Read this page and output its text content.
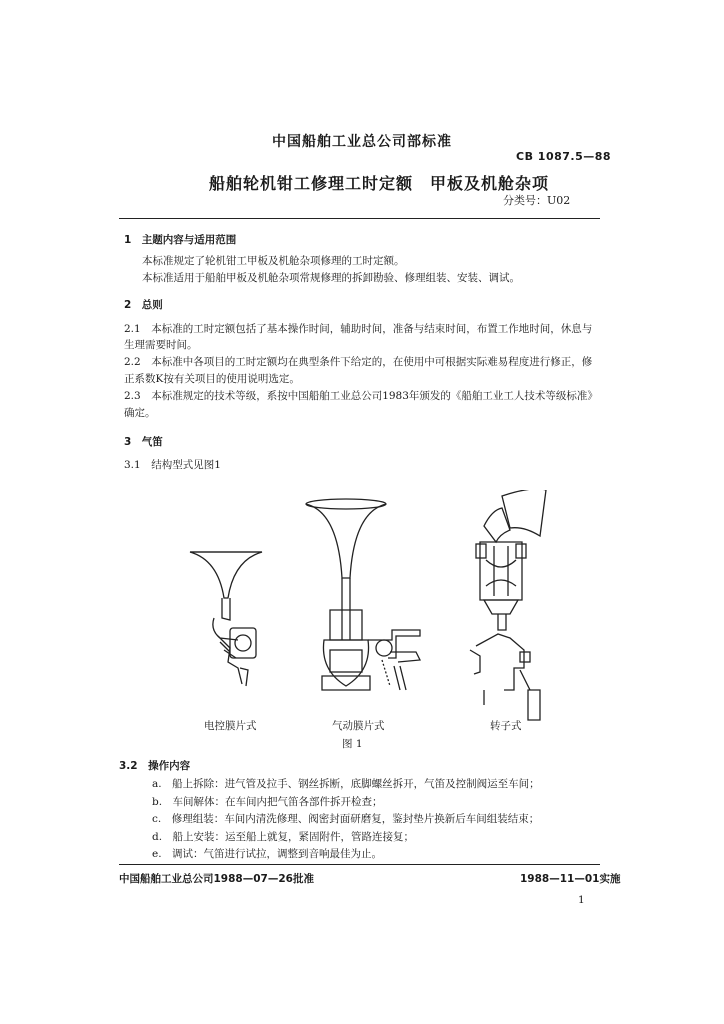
中国船舶工业总公司部标准
CB 1087.5—88
船舶轮机钳工修理工时定额　甲板及机舱杂项
分类号：U02
1　主题内容与适用范围
本标准规定了轮机钳工甲板及机舱杂项修理的工时定额。
本标准适用于船舶甲板及机舱杂项常规修理的拆卸勘验、修理组装、安装、调试。
2　总则
2.1　本标准的工时定额包括了基本操作时间，辅助时间，准备与结束时间，布置工作地时间，休息与
生理需要时间。
2.2　本标准中各项目的工时定额均在典型条件下给定的，在使用中可根据实际难易程度进行修正，修
正系数K按有关项目的使用说明选定。
2.3　本标准规定的技术等级，系按中国船舶工业总公司1983年颁发的《船舶工业工人技术等级标准》
确定。
3　气笛
3.1　结构型式见图1
电控膜片式	气动膜片式	转子式
图 1
3.2　操作内容
a.　船上拆除：进气管及拉手、钢丝拆断，底脚螺丝拆开，气笛及控制阀运至车间；
b.　车间解体：在车间内把气笛各部件拆开检查；
c.　修理组装：车间内清洗修理、阀密封面研磨复，鉴封垫片换新后车间组装结束；
d.　船上安装：运至船上就复，紧固附件，管路连接复；
e.　调试：气笛进行试拉，调整到音响最佳为止。
中国船舶工业总公司1988—07—26批准	1988—11—01实施
1
